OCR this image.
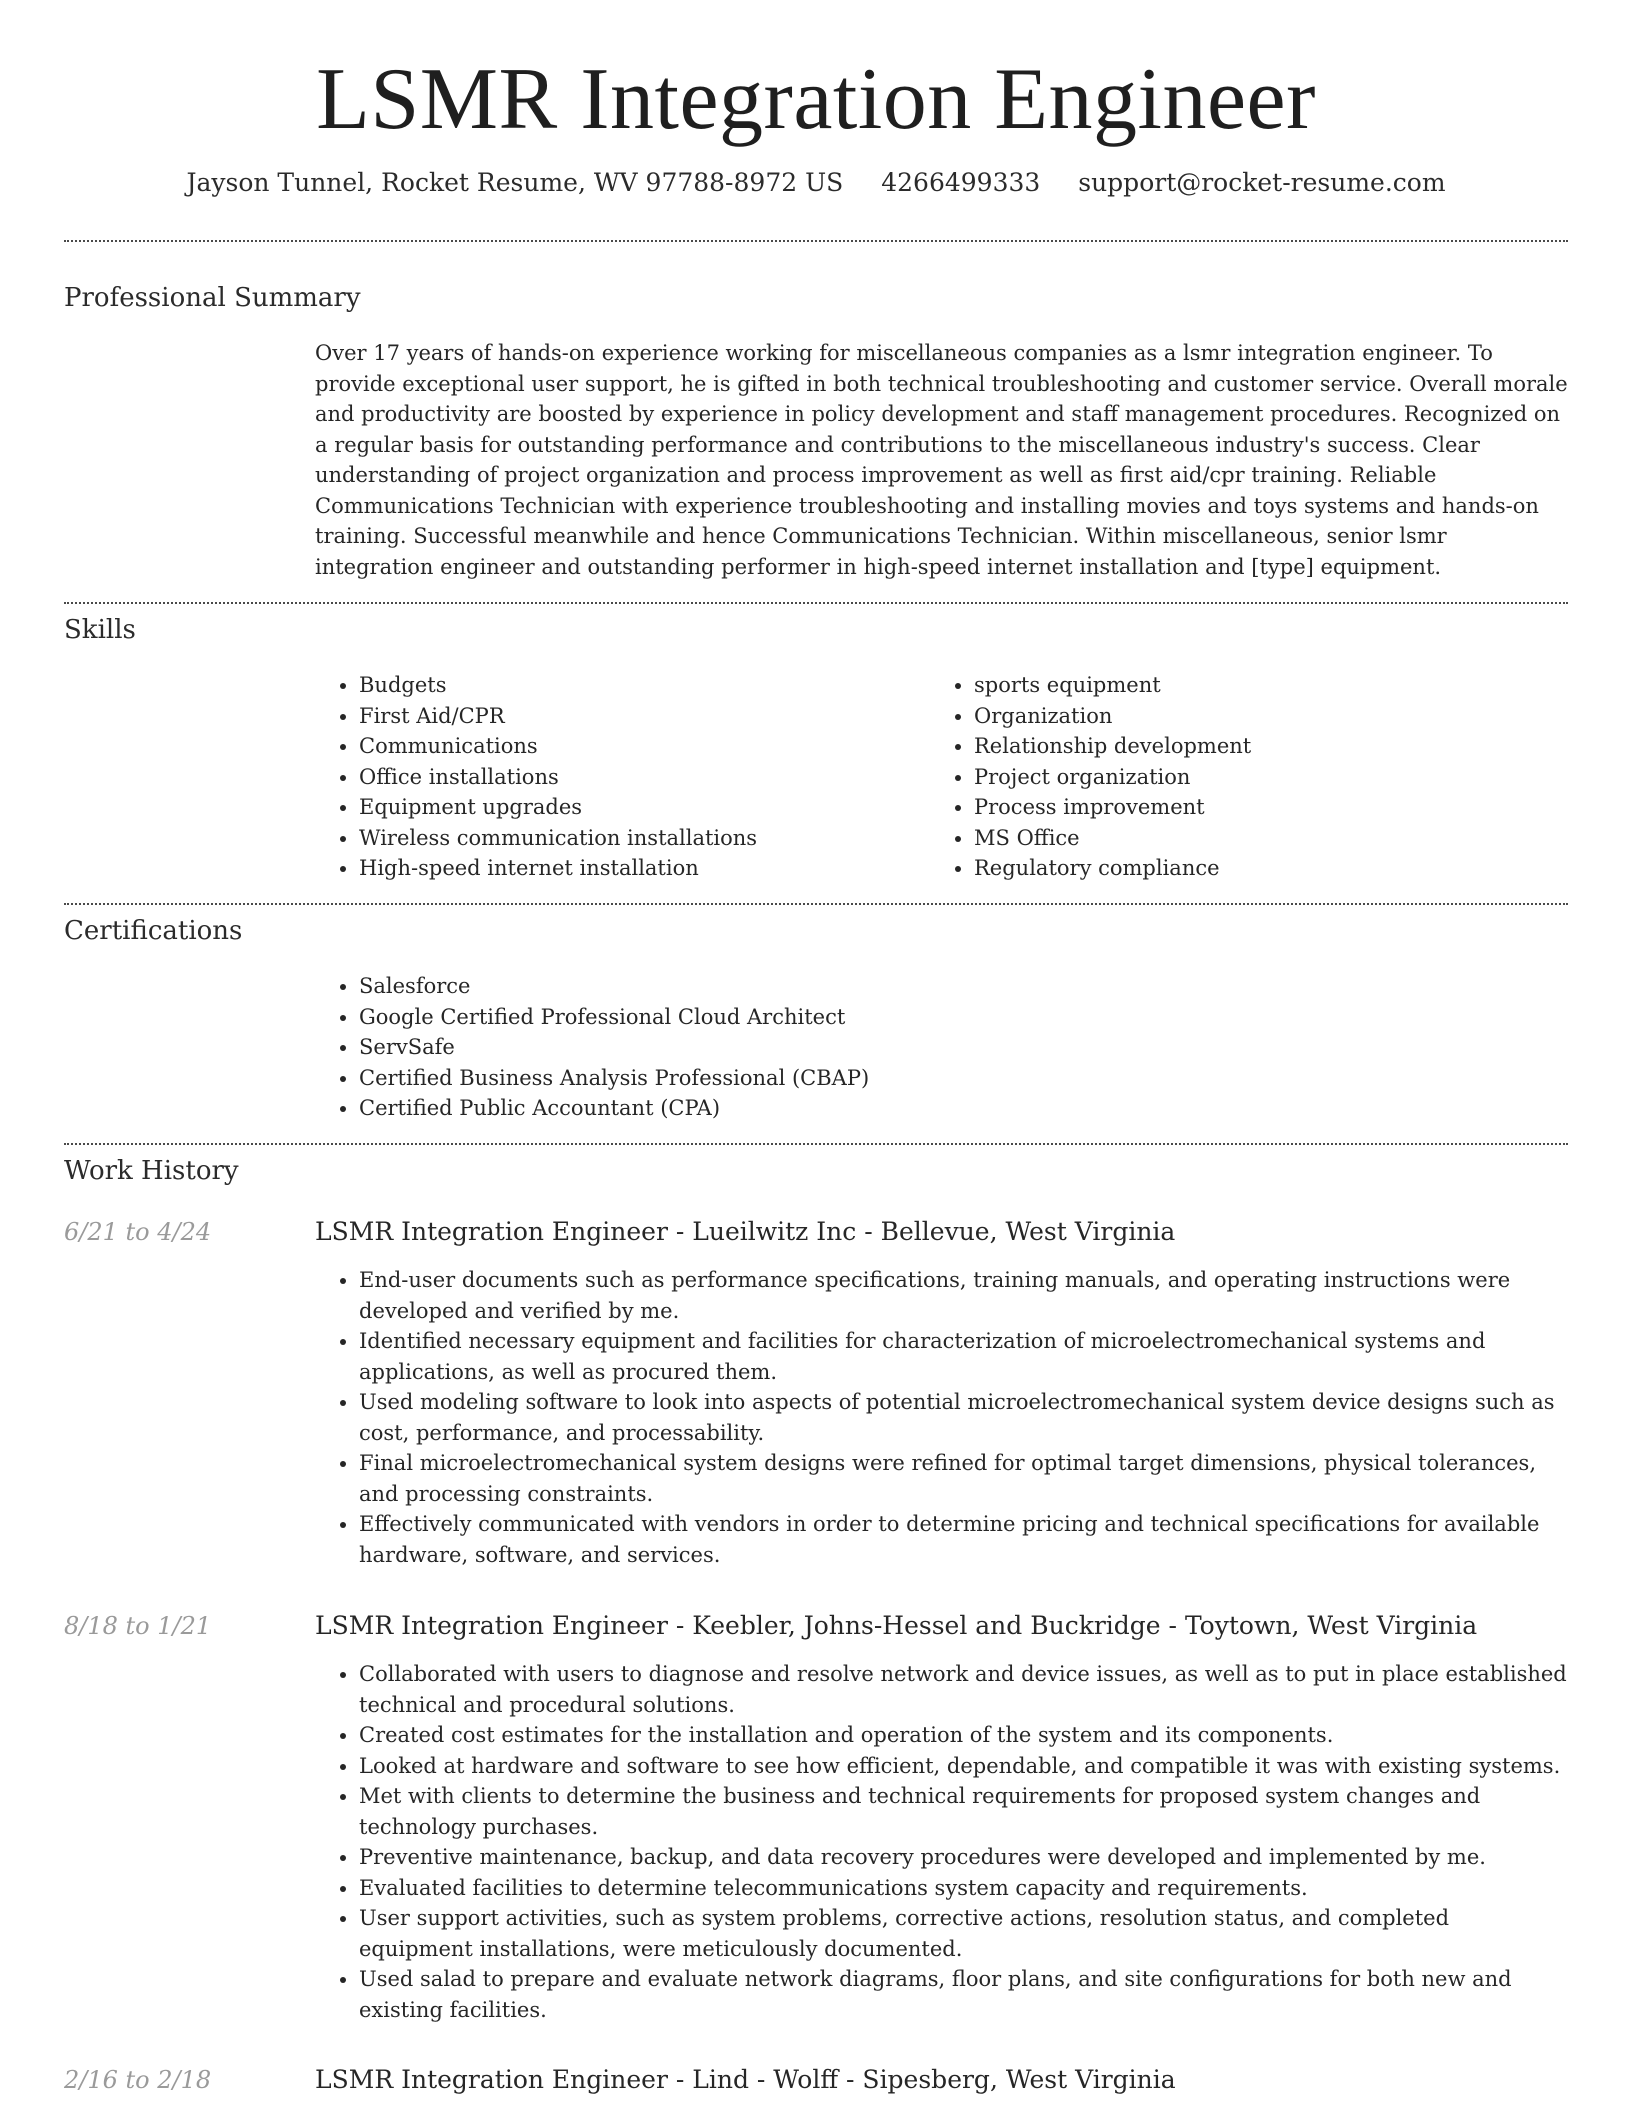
LSMR Integration Engineer
Jayson Tunnel, Rocket Resume, WV 97788-8972 US 4266499333 support@rocket-resume.com
Professional Summary

Over 17 years of hands-on experience working for miscellaneous companies as a lsmr integration engineer. To provide exceptional user support, he is gifted in both technical troubleshooting and customer service. Overall morale and productivity are boosted by experience in policy development and staff management procedures. Recognized on a regular basis for outstanding performance and contributions to the miscellaneous industry's success. Clear understanding of project organization and process improvement as well as first aid/cpr training. Reliable Communications Technician with experience troubleshooting and installing movies and toys systems and hands-on training. Successful meanwhile and hence Communications Technician. Within miscellaneous, senior lsmr integration engineer and outstanding performer in high-speed internet installation and [type] equipment.

Skills
• Budgets
• First Aid/CPR
• Communications
• Office installations
• Equipment upgrades
• Wireless communication installations
• High-speed internet installation
• sports equipment
• Organization
• Relationship development
• Project organization
• Process improvement
• MS Office
• Regulatory compliance
Certifications
• Salesforce
• Google Certified Professional Cloud Architect
• ServSafe
• Certified Business Analysis Professional (CBAP)
• Certified Public Accountant (CPA)
Work History
6/21 to 4/24	LSMR Integration Engineer - Lueilwitz Inc - Bellevue, West Virginia
• End-user documents such as performance specifications, training manuals, and operating instructions were developed and verified by me.
• Identified necessary equipment and facilities for characterization of microelectromechanical systems and applications, as well as procured them.
• Used modeling software to look into aspects of potential microelectromechanical system device designs such as cost, performance, and processability.
• Final microelectromechanical system designs were refined for optimal target dimensions, physical tolerances, and processing constraints.
• Effectively communicated with vendors in order to determine pricing and technical specifications for available hardware, software, and services.
8/18 to 1/21	LSMR Integration Engineer - Keebler, Johns-Hessel and Buckridge - Toytown, West Virginia
• Collaborated with users to diagnose and resolve network and device issues, as well as to put in place established technical and procedural solutions.
• Created cost estimates for the installation and operation of the system and its components.
• Looked at hardware and software to see how efficient, dependable, and compatible it was with existing systems.
• Met with clients to determine the business and technical requirements for proposed system changes and technology purchases.
• Preventive maintenance, backup, and data recovery procedures were developed and implemented by me.
• Evaluated facilities to determine telecommunications system capacity and requirements.
• User support activities, such as system problems, corrective actions, resolution status, and completed equipment installations, were meticulously documented.
• Used salad to prepare and evaluate network diagrams, floor plans, and site configurations for both new and existing facilities.
2/16 to 2/18	LSMR Integration Engineer - Lind - Wolff - Sipesberg, West Virginia
